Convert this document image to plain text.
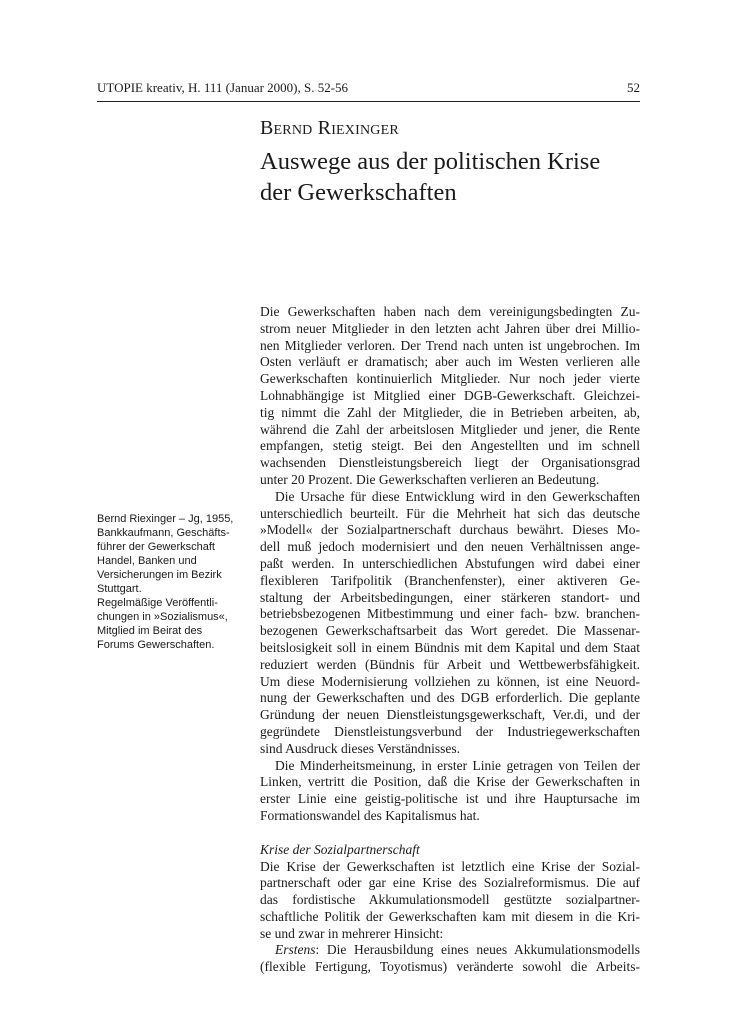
UTOPIE kreativ, H. 111 (Januar 2000), S. 52-56	52
Bernd Riexinger
Auswege aus der politischen Krise
der Gewerkschaften
Bernd Riexinger – Jg, 1955,
Bankkaufmann, Geschäfts-
führer der Gewerkschaft
Handel, Banken und
Versicherungen im Bezirk
Stuttgart.
Regelmäßige Veröffentli-
chungen in »Sozialismus«,
Mitglied im Beirat des
Forums Gewerschaften.

Die Gewerkschaften haben nach dem vereinigungsbedingten Zu-
strom neuer Mitglieder in den letzten acht Jahren über drei Millio-
nen Mitglieder verloren. Der Trend nach unten ist ungebrochen. Im
Osten verläuft er dramatisch; aber auch im Westen verlieren alle
Gewerkschaften kontinuierlich Mitglieder. Nur noch jeder vierte
Lohnabhängige ist Mitglied einer DGB-Gewerkschaft. Gleichzei-
tig nimmt die Zahl der Mitglieder, die in Betrieben arbeiten, ab,
während die Zahl der arbeitslosen Mitglieder und jener, die Rente
empfangen, stetig steigt. Bei den Angestellten und im schnell
wachsenden Dienstleistungsbereich liegt der Organisationsgrad
unter 20 Prozent. Die Gewerkschaften verlieren an Bedeutung.

Die Ursache für diese Entwicklung wird in den Gewerkschaften
unterschiedlich beurteilt. Für die Mehrheit hat sich das deutsche
»Modell« der Sozialpartnerschaft durchaus bewährt. Dieses Mo-
dell muß jedoch modernisiert und den neuen Verhältnissen ange-
paßt werden. In unterschiedlichen Abstufungen wird dabei einer
flexibleren Tarifpolitik (Branchenfenster), einer aktiveren Ge-
staltung der Arbeitsbedingungen, einer stärkeren standort- und
betriebsbezogenen Mitbestimmung und einer fach- bzw. branchen-
bezogenen Gewerkschaftsarbeit das Wort geredet. Die Massenar-
beitslosigkeit soll in einem Bündnis mit dem Kapital und dem Staat
reduziert werden (Bündnis für Arbeit und Wettbewerbsfähigkeit.
Um diese Modernisierung vollziehen zu können, ist eine Neuord-
nung der Gewerkschaften und des DGB erforderlich. Die geplante
Gründung der neuen Dienstleistungsgewerkschaft, Ver.di, und der
gegründete Dienstleistungsverbund der Industriegewerkschaften
sind Ausdruck dieses Verständnisses.

Die Minderheitsmeinung, in erster Linie getragen von Teilen der
Linken, vertritt die Position, daß die Krise der Gewerkschaften in
erster Linie eine geistig-politische ist und ihre Hauptursache im
Formationswandel des Kapitalismus hat.

Krise der Sozialpartnerschaft

Die Krise der Gewerkschaften ist letztlich eine Krise der Sozial-
partnerschaft oder gar eine Krise des Sozialreformismus. Die auf
das fordistische Akkumulationsmodell gestützte sozialpartner-
schaftliche Politik der Gewerkschaften kam mit diesem in die Kri-
se und zwar in mehrerer Hinsicht:

Erstens: Die Herausbildung eines neues Akkumulationsmodells
(flexible Fertigung, Toyotismus) veränderte sowohl die Arbeits-
